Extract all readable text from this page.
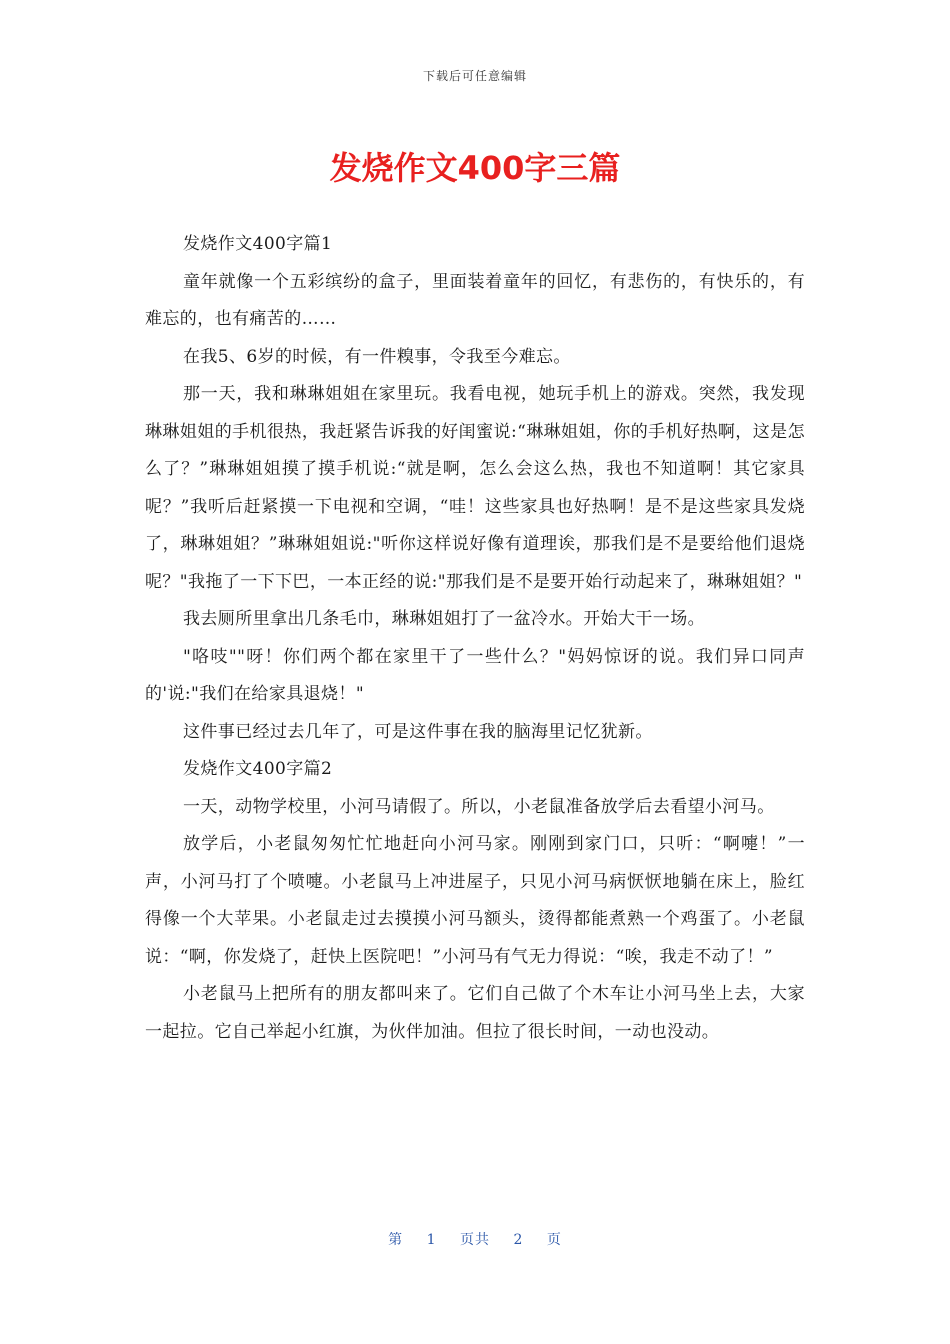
下载后可任意编辑
发烧作文400字三篇

发烧作文400字篇1

童年就像一个五彩缤纷的盒子，里面装着童年的回忆，有悲伤的，有快乐的，有难忘的，也有痛苦的……

在我5、6岁的时候，有一件糗事，令我至今难忘。

那一天，我和琳琳姐姐在家里玩。我看电视，她玩手机上的游戏。突然，我发现琳琳姐姐的手机很热，我赶紧告诉我的好闺蜜说:“琳琳姐姐，你的手机好热啊，这是怎么了？”琳琳姐姐摸了摸手机说:“就是啊，怎么会这么热，我也不知道啊！其它家具呢？”我听后赶紧摸一下电视和空调，“哇！这些家具也好热啊！是不是这些家具发烧了，琳琳姐姐？”琳琳姐姐说:"听你这样说好像有道理诶，那我们是不是要给他们退烧呢？"我拖了一下下巴，一本正经的说:"那我们是不是要开始行动起来了，琳琳姐姐？"

我去厕所里拿出几条毛巾，琳琳姐姐打了一盆冷水。开始大干一场。

"咯吱""呀！你们两个都在家里干了一些什么？"妈妈惊讶的说。我们异口同声的'说:"我们在给家具退烧！"

这件事已经过去几年了，可是这件事在我的脑海里记忆犹新。

发烧作文400字篇2

一天，动物学校里，小河马请假了。所以，小老鼠准备放学后去看望小河马。

放学后，小老鼠匆匆忙忙地赶向小河马家。刚刚到家门口，只听：“啊嚏！”一声，小河马打了个喷嚏。小老鼠马上冲进屋子，只见小河马病恹恹地躺在床上，脸红得像一个大苹果。小老鼠走过去摸摸小河马额头，烫得都能煮熟一个鸡蛋了。小老鼠说：“啊，你发烧了，赶快上医院吧！”小河马有气无力得说：“唉，我走不动了！”

小老鼠马上把所有的朋友都叫来了。它们自己做了个木车让小河马坐上去，大家一起拉。它自己举起小红旗，为伙伴加油。但拉了很长时间，一动也没动。

第 1 页共 2 页
